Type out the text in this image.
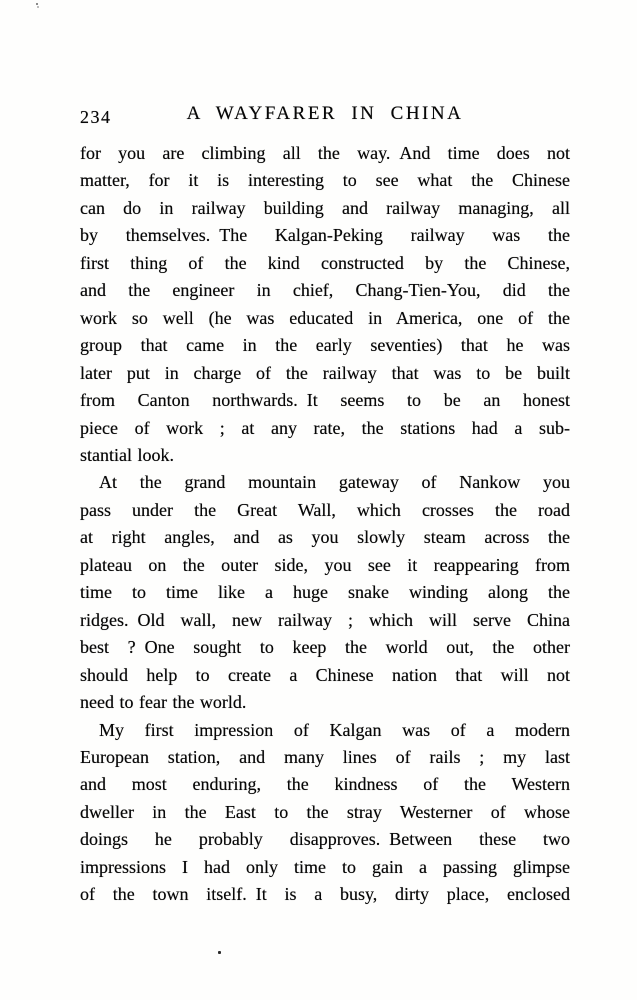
234	A WAYFARER IN CHINA
for you are climbing all the way. And time does not
matter, for it is interesting to see what the Chinese
can do in railway building and railway managing, all
by themselves. The Kalgan-Peking railway was the
first thing of the kind constructed by the Chinese,
and the engineer in chief, Chang-Tien-You, did the
work so well (he was educated in America, one of the
group that came in the early seventies) that he was
later put in charge of the railway that was to be built
from Canton northwards. It seems to be an honest
piece of work ; at any rate, the stations had a sub-
stantial look.
At the grand mountain gateway of Nankow you
pass under the Great Wall, which crosses the road
at right angles, and as you slowly steam across the
plateau on the outer side, you see it reappearing from
time to time like a huge snake winding along the
ridges. Old wall, new railway ; which will serve China
best ? One sought to keep the world out, the other
should help to create a Chinese nation that will not
need to fear the world.
My first impression of Kalgan was of a modern
European station, and many lines of rails ; my last
and most enduring, the kindness of the Western
dweller in the East to the stray Westerner of whose
doings he probably disapproves. Between these two
impressions I had only time to gain a passing glimpse
of the town itself. It is a busy, dirty place, enclosed
